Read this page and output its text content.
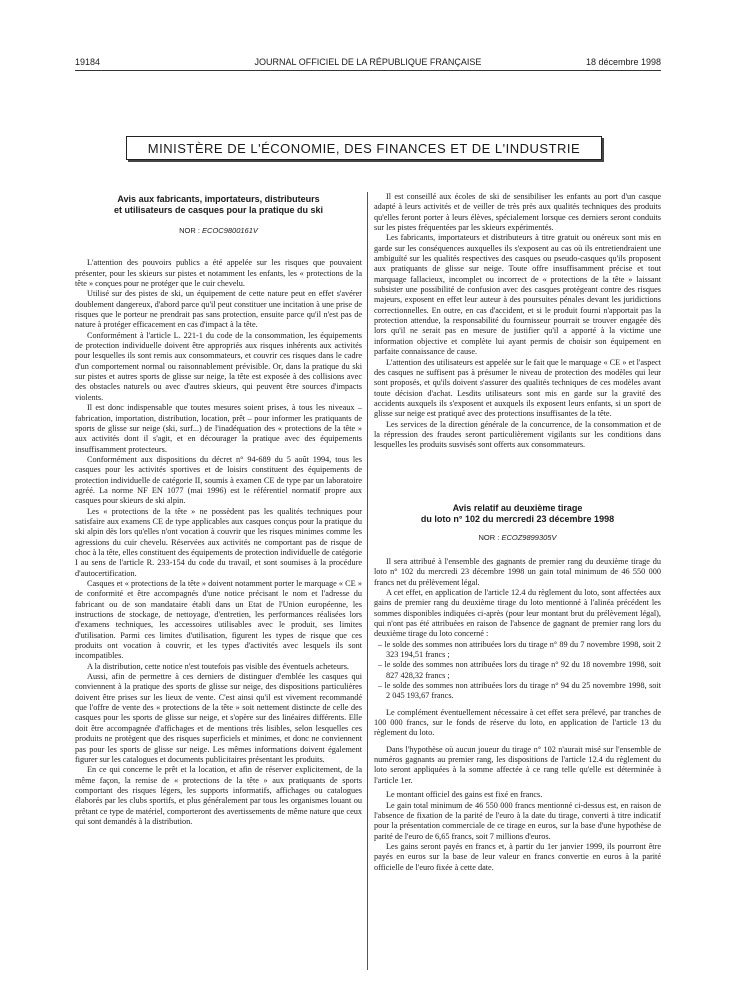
19184	JOURNAL OFFICIEL DE LA RÉPUBLIQUE FRANÇAISE	18 décembre 1998
MINISTÈRE DE L'ÉCONOMIE, DES FINANCES ET DE L'INDUSTRIE
Avis aux fabricants, importateurs, distributeurs
et utilisateurs de casques pour la pratique du ski
NOR : ECOC9800161V

L'attention des pouvoirs publics a été appelée sur les risques que pouvaient présenter, pour les skieurs sur pistes et notamment les enfants, les « protections de la tête » conçues pour ne protéger que le cuir chevelu.

Utilisé sur des pistes de ski, un équipement de cette nature peut en effet s'avérer doublement dangereux, d'abord parce qu'il peut constituer une incitation à une prise de risques que le porteur ne prendrait pas sans protection, ensuite parce qu'il n'est pas de nature à protéger efficacement en cas d'impact à la tête.

Conformément à l'article L. 221-1 du code de la consommation, les équipements de protection individuelle doivent être appropriés aux risques inhérents aux activités pour lesquelles ils sont remis aux consommateurs, et couvrir ces risques dans le cadre d'un comportement normal ou raisonnablement prévisible. Or, dans la pratique du ski sur pistes et autres sports de glisse sur neige, la tête est exposée à des collisions avec des obstacles naturels ou avec d'autres skieurs, qui peuvent être sources d'impacts violents.

Il est donc indispensable que toutes mesures soient prises, à tous les niveaux – fabrication, importation, distribution, location, prêt – pour informer les pratiquants de sports de glisse sur neige (ski, surf...) de l'inadéquation des « protections de la tête » aux activités dont il s'agit, et en décourager la pratique avec des équipements insuffisamment protecteurs.

Conformément aux dispositions du décret n° 94-689 du 5 août 1994, tous les casques pour les activités sportives et de loisirs constituent des équipements de protection individuelle de catégorie II, soumis à examen CE de type par un laboratoire agréé. La norme NF EN 1077 (mai 1996) est le référentiel normatif propre aux casques pour skieurs de ski alpin.

Les « protections de la tête » ne possèdent pas les qualités techniques pour satisfaire aux examens CE de type applicables aux casques conçus pour la pratique du ski alpin dès lors qu'elles n'ont vocation à couvrir que les risques minimes comme les agressions du cuir chevelu. Réservées aux activités ne comportant pas de risque de choc à la tête, elles constituent des équipements de protection individuelle de catégorie I au sens de l'article R. 233-154 du code du travail, et sont soumises à la procédure d'autocertification.

Casques et « protections de la tête » doivent notamment porter le marquage « CE » de conformité et être accompagnés d'une notice précisant le nom et l'adresse du fabricant ou de son mandataire établi dans un Etat de l'Union européenne, les instructions de stockage, de nettoyage, d'entretien, les performances réalisées lors d'examens techniques, les accessoires utilisables avec le produit, ses limites d'utilisation. Parmi ces limites d'utilisation, figurent les types de risque que ces produits ont vocation à couvrir, et les types d'activités avec lesquels ils sont incompatibles.

A la distribution, cette notice n'est toutefois pas visible des éventuels acheteurs.

Aussi, afin de permettre à ces derniers de distinguer d'emblée les casques qui conviennent à la pratique des sports de glisse sur neige, des dispositions particulières doivent être prises sur les lieux de vente. C'est ainsi qu'il est vivement recommandé que l'offre de vente des « protections de la tête » soit nettement distincte de celle des casques pour les sports de glisse sur neige, et s'opère sur des linéaires différents. Elle doit être accompagnée d'affichages et de mentions très lisibles, selon lesquelles ces produits ne protègent que des risques superficiels et minimes, et donc ne conviennent pas pour les sports de glisse sur neige. Les mêmes informations doivent également figurer sur les catalogues et documents publicitaires présentant les produits.

En ce qui concerne le prêt et la location, et afin de réserver explicitement, de la même façon, la remise de « protections de la tête » aux pratiquants de sports comportant des risques légers, les supports informatifs, affichages ou catalogues élaborés par les clubs sportifs, et plus généralement par tous les organismes louant ou prêtant ce type de matériel, comporteront des avertissements de même nature que ceux qui sont demandés à la distribution.

Il est conseillé aux écoles de ski de sensibiliser les enfants au port d'un casque adapté à leurs activités et de veiller de très près aux qualités techniques des produits qu'elles feront porter à leurs élèves, spécialement lorsque ces derniers seront conduits sur les pistes fréquentées par les skieurs expérimentés.

Les fabricants, importateurs et distributeurs à titre gratuit ou onéreux sont mis en garde sur les conséquences auxquelles ils s'exposent au cas où ils entretiendraient une ambiguïté sur les qualités respectives des casques ou pseudo-casques qu'ils proposent aux pratiquants de glisse sur neige. Toute offre insuffisamment précise et tout marquage fallacieux, incomplet ou incorrect de « protections de la tête » laissant subsister une possibilité de confusion avec des casques protégeant contre des risques majeurs, exposent en effet leur auteur à des poursuites pénales devant les juridictions correctionnelles. En outre, en cas d'accident, et si le produit fourni n'apportait pas la protection attendue, la responsabilité du fournisseur pourrait se trouver engagée dès lors qu'il ne serait pas en mesure de justifier qu'il a apporté à la victime une information objective et complète lui ayant permis de choisir son équipement en parfaite connaissance de cause.

L'attention des utilisateurs est appelée sur le fait que le marquage « CE » et l'aspect des casques ne suffisent pas à présumer le niveau de protection des modèles qui leur sont proposés, et qu'ils doivent s'assurer des qualités techniques de ces modèles avant toute décision d'achat. Lesdits utilisateurs sont mis en garde sur la gravité des accidents auxquels ils s'exposent et auxquels ils exposent leurs enfants, si un sport de glisse sur neige est pratiqué avec des protections insuffisantes de la tête.

Les services de la direction générale de la concurrence, de la consommation et de la répression des fraudes seront particulièrement vigilants sur les conditions dans lesquelles les produits susvisés sont offerts aux consommateurs.

Avis relatif au deuxième tirage
du loto n° 102 du mercredi 23 décembre 1998
NOR : ECOZ9899305V

Il sera attribué à l'ensemble des gagnants de premier rang du deuxième tirage du loto n° 102 du mercredi 23 décembre 1998 un gain total minimum de 46 550 000 francs net du prélèvement légal.

A cet effet, en application de l'article 12.4 du règlement du loto, sont affectées aux gains de premier rang du deuxième tirage du loto mentionné à l'alinéa précédent les sommes disponibles indiquées ci-après (pour leur montant brut du prélèvement légal), qui n'ont pas été attribuées en raison de l'absence de gagnant de premier rang lors du deuxième tirage du loto concerné :

– le solde des sommes non attribuées lors du tirage n° 89 du 7 novembre 1998, soit 2 323 194,51 francs ;
– le solde des sommes non attribuées lors du tirage n° 92 du 18 novembre 1998, soit 827 428,32 francs ;
– le solde des sommes non attribuées lors du tirage n° 94 du 25 novembre 1998, soit 2 045 193,67 francs.

Le complément éventuellement nécessaire à cet effet sera prélevé, par tranches de 100 000 francs, sur le fonds de réserve du loto, en application de l'article 13 du règlement du loto.

Dans l'hypothèse où aucun joueur du tirage n° 102 n'aurait misé sur l'ensemble de numéros gagnants au premier rang, les dispositions de l'article 12.4 du règlement du loto seront appliquées à la somme affectée à ce rang telle qu'elle est déterminée à l'article 1er.

Le montant officiel des gains est fixé en francs.

Le gain total minimum de 46 550 000 francs mentionné ci-dessus est, en raison de l'absence de fixation de la parité de l'euro à la date du tirage, converti à titre indicatif pour la présentation commerciale de ce tirage en euros, sur la base d'une hypothèse de parité de l'euro de 6,65 francs, soit 7 millions d'euros.

Les gains seront payés en francs et, à partir du 1er janvier 1999, ils pourront être payés en euros sur la base de leur valeur en francs convertie en euros à la parité officielle de l'euro fixée à cette date.
